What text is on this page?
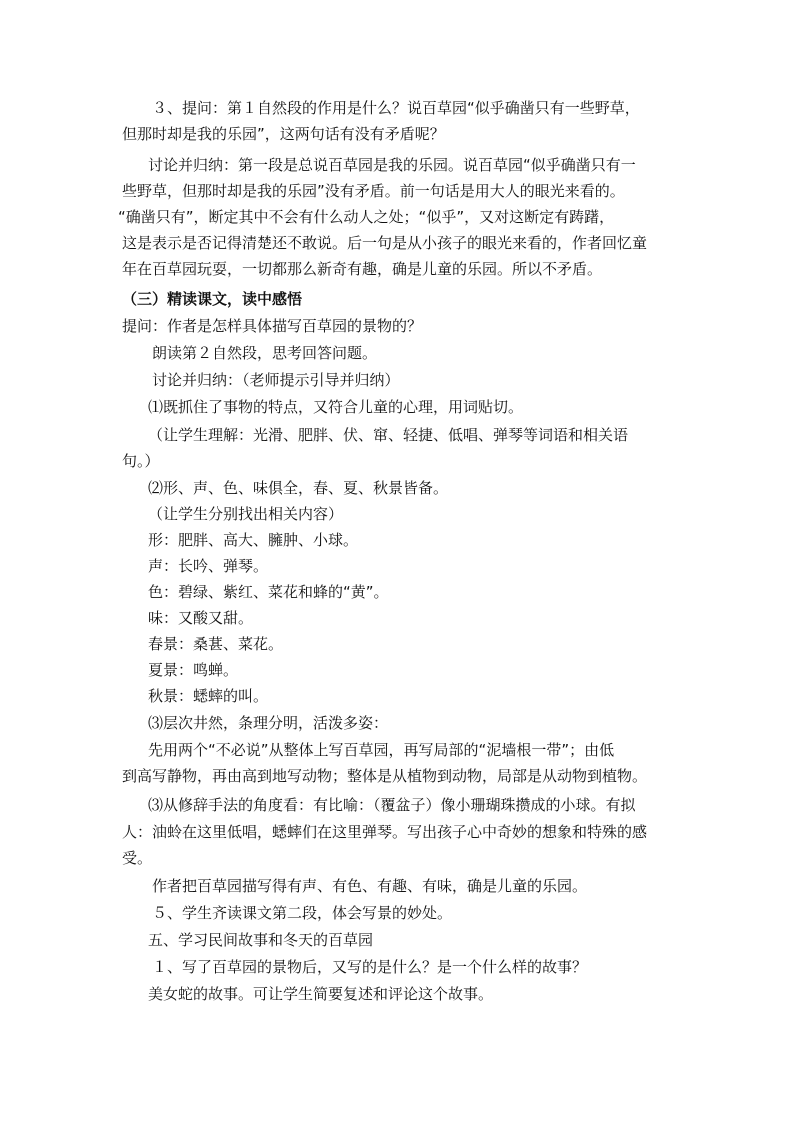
３、提问：第１自然段的作用是什么？说百草园“似乎确凿只有一些野草，

但那时却是我的乐园”，这两句话有没有矛盾呢？

讨论并归纳：第一段是总说百草园是我的乐园。说百草园“似乎确凿只有一

些野草，但那时却是我的乐园”没有矛盾。前一句话是用大人的眼光来看的。

“确凿只有”，断定其中不会有什么动人之处；“似乎”，又对这断定有踌躇，

这是表示是否记得清楚还不敢说。后一句是从小孩子的眼光来看的，作者回忆童

年在百草园玩耍，一切都那么新奇有趣，确是儿童的乐园。所以不矛盾。

（三）精读课文，读中感悟

提问：作者是怎样具体描写百草园的景物的？

朗读第２自然段，思考回答问题。

讨论并归纳：（老师提示引导并归纳）

⑴既抓住了事物的特点，又符合儿童的心理，用词贴切。

（让学生理解：光滑、肥胖、伏、窜、轻捷、低唱、弹琴等词语和相关语

句。）

⑵形、声、色、味俱全，春、夏、秋景皆备。

（让学生分别找出相关内容）

形：肥胖、高大、臃肿、小球。

声：长吟、弹琴。

色：碧绿、紫红、菜花和蜂的“黄”。

味：又酸又甜。

春景：桑葚、菜花。

夏景：鸣蝉。

秋景：蟋蟀的叫。

⑶层次井然，条理分明，活泼多姿：

先用两个“不必说”从整体上写百草园，再写局部的“泥墙根一带”；由低

到高写静物，再由高到地写动物；整体是从植物到动物，局部是从动物到植物。

⑶从修辞手法的角度看：有比喻：（覆盆子）像小珊瑚珠攒成的小球。有拟

人：油蛉在这里低唱，蟋蟀们在这里弹琴。写出孩子心中奇妙的想象和特殊的感

受。

作者把百草园描写得有声、有色、有趣、有味，确是儿童的乐园。

５、学生齐读课文第二段，体会写景的妙处。

五、学习民间故事和冬天的百草园

１、写了百草园的景物后，又写的是什么？是一个什么样的故事？

美女蛇的故事。可让学生简要复述和评论这个故事。
